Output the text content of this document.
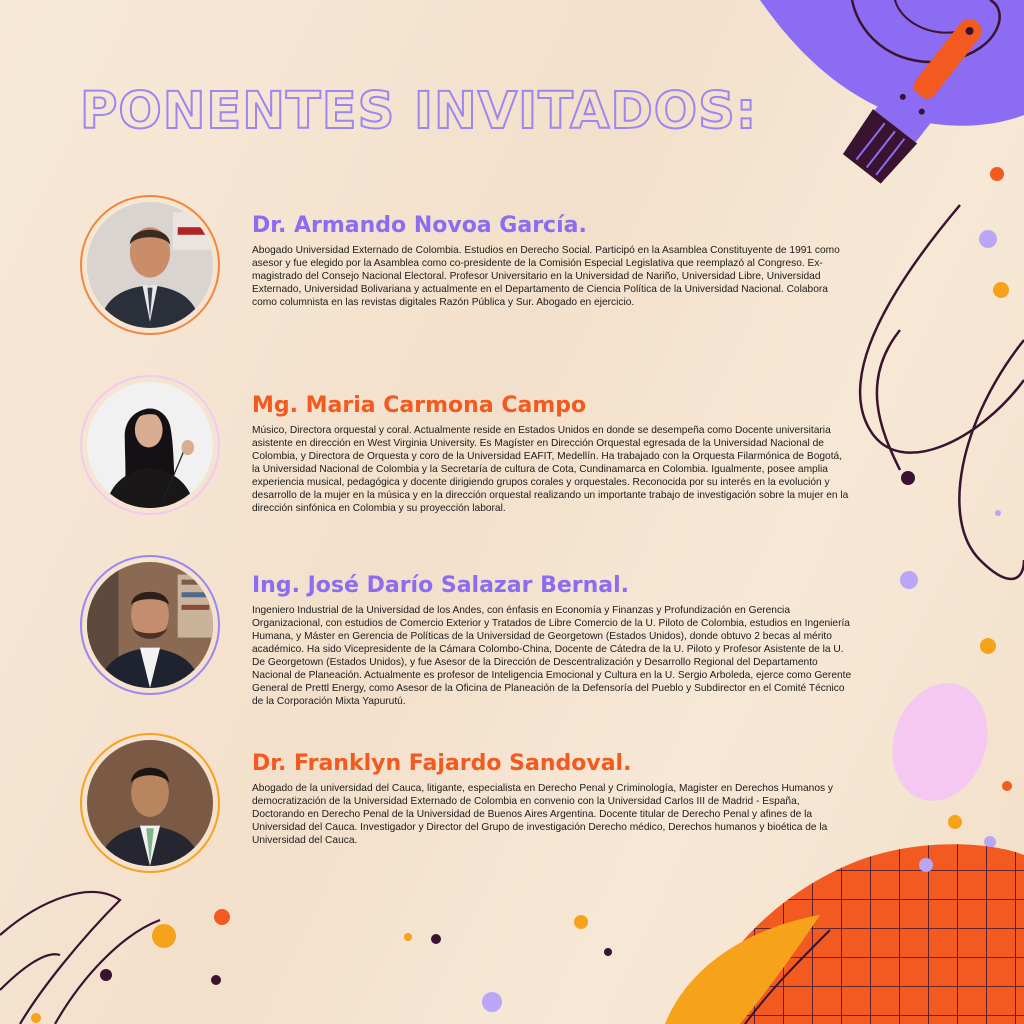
PONENTES INVITADOS:
Dr. Armando Novoa García.

Abogado Universidad Externado de Colombia. Estudios en Derecho Social. Participó en la Asamblea Constituyente de 1991 como asesor y fue elegido por la Asamblea como co-presidente de la Comisión Especial Legislativa que reemplazó al Congreso. Ex-magistrado del Consejo Nacional Electoral. Profesor Universitario en la Universidad de Nariño, Universidad Libre, Universidad Externado, Universidad Bolivariana y actualmente en el Departamento de Ciencia Política de la Universidad Nacional. Colabora como columnista en las revistas digitales Razón Pública y Sur. Abogado en ejercicio.

Mg. Maria Carmona Campo

Músico, Directora orquestal y coral. Actualmente reside en Estados Unidos en donde se desempeña como Docente universitaria asistente en dirección en West Virginia University. Es Magíster en Dirección Orquestal egresada de la Universidad Nacional de Colombia, y Directora de Orquesta y coro de la Universidad EAFIT, Medellín. Ha trabajado con la Orquesta Filarmónica de Bogotá, la Universidad Nacional de Colombia y la Secretaría de cultura de Cota, Cundinamarca en Colombia. Igualmente, posee amplia experiencia musical, pedagógica y docente dirigiendo grupos corales y orquestales. Reconocida por su interés en la evolución y desarrollo de la mujer en la música y en la dirección orquestal realizando un importante trabajo de investigación sobre la mujer en la dirección sinfónica en Colombia y su proyección laboral.

Ing. José Darío Salazar Bernal.

Ingeniero Industrial de la Universidad de los Andes, con énfasis en Economía y Finanzas y Profundización en Gerencia Organizacional, con estudios de Comercio Exterior y Tratados de Libre Comercio de la U. Piloto de Colombia, estudios en Ingeniería Humana, y Máster en Gerencia de Políticas de la Universidad de Georgetown (Estados Unidos), donde obtuvo 2 becas al mérito académico. Ha sido Vicepresidente de la Cámara Colombo-China, Docente de Cátedra de la U. Piloto y Profesor Asistente de la U. De Georgetown (Estados Unidos), y fue Asesor de la Dirección de Descentralización y Desarrollo Regional del Departamento Nacional de Planeación. Actualmente es profesor de Inteligencia Emocional y Cultura en la U. Sergio Arboleda, ejerce como Gerente General de Prettl Energy, como Asesor de la Oficina de Planeación de la Defensoría del Pueblo y Subdirector en el Comité Técnico de la Corporación Mixta Yapurutú.

Dr. Franklyn Fajardo Sandoval.

Abogado de la universidad del Cauca, litigante, especialista en Derecho Penal y Criminología, Magister en Derechos Humanos y democratización de la Universidad Externado de Colombia en convenio con la Universidad Carlos III de Madrid - España, Doctorando en Derecho Penal de la Universidad de Buenos Aires Argentina. Docente titular de Derecho Penal y afines de la Universidad del Cauca. Investigador y Director del Grupo de investigación Derecho médico, Derechos humanos y bioética de la Universidad del Cauca.
